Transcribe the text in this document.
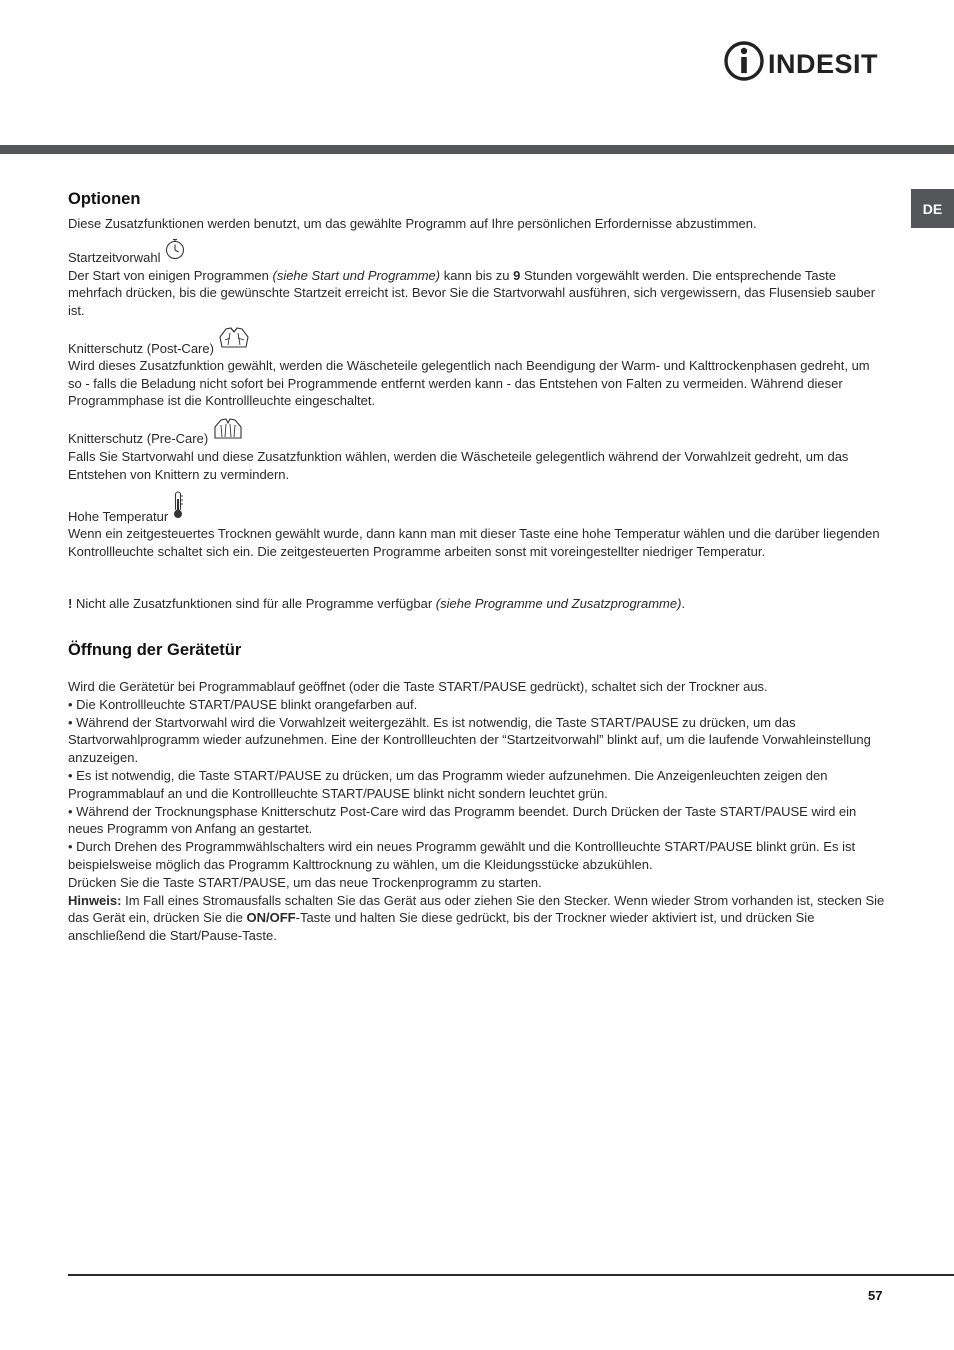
INDESIT
DE
Optionen

Diese Zusatzfunktionen werden benutzt, um das gewählte Programm auf Ihre persönlichen Erfordernisse abzustimmen.

Startzeitvorwahl

Der Start von einigen Programmen (siehe Start und Programme) kann bis zu 9 Stunden vorgewählt werden. Die entsprechende Taste mehrfach drücken, bis die gewünschte Startzeit erreicht ist. Bevor Sie die Startvorwahl ausführen, sich vergewissern, das Flusensieb sauber ist.

Knitterschutz (Post-Care)

Wird dieses Zusatzfunktion gewählt, werden die Wäscheteile gelegentlich nach Beendigung der Warm- und Kalttrockenphasen gedreht, um so - falls die Beladung nicht sofort bei Programmende entfernt werden kann - das Entstehen von Falten zu vermeiden. Während dieser Programmphase ist die Kontrollleuchte eingeschaltet.

Knitterschutz (Pre-Care)

Falls Sie Startvorwahl und diese Zusatzfunktion wählen, werden die Wäscheteile gelegentlich während der Vorwahlzeit gedreht, um das Entstehen von Knittern zu vermindern.

Hohe Temperatur

Wenn ein zeitgesteuertes Trocknen gewählt wurde, dann kann man mit dieser Taste eine hohe Temperatur wählen und die darüber liegenden Kontrollleuchte schaltet sich ein. Die zeitgesteuerten Programme arbeiten sonst mit voreingestellter niedriger Temperatur.

! Nicht alle Zusatzfunktionen sind für alle Programme verfügbar (siehe Programme und Zusatzprogramme).

Öffnung der Gerätetür

Wird die Gerätetür bei Programmablauf geöffnet (oder die Taste START/PAUSE gedrückt), schaltet sich der Trockner aus.

• Die Kontrollleuchte START/PAUSE blinkt orangefarben auf.

• Während der Startvorwahl wird die Vorwahlzeit weitergezählt. Es ist notwendig, die Taste START/PAUSE zu drücken, um das Startvorwahlprogramm wieder aufzunehmen. Eine der Kontrollleuchten der “Startzeitvorwahl” blinkt auf, um die laufende Vorwahleinstellung anzuzeigen.

• Es ist notwendig, die Taste START/PAUSE zu drücken, um das Programm wieder aufzunehmen. Die Anzeigenleuchten zeigen den Programmablauf an und die Kontrollleuchte START/PAUSE blinkt nicht sondern leuchtet grün.

• Während der Trocknungsphase Knitterschutz Post-Care wird das Programm beendet. Durch Drücken der Taste START/PAUSE wird ein neues Programm von Anfang an gestartet.

• Durch Drehen des Programmwählschalters wird ein neues Programm gewählt und die Kontrollleuchte START/PAUSE blinkt grün. Es ist beispielsweise möglich das Programm Kalttrocknung zu wählen, um die Kleidungsstücke abzukühlen.

Drücken Sie die Taste START/PAUSE, um das neue Trockenprogramm zu starten.

Hinweis: Im Fall eines Stromausfalls schalten Sie das Gerät aus oder ziehen Sie den Stecker. Wenn wieder Strom vorhanden ist, stecken Sie das Gerät ein, drücken Sie die ON/OFF-Taste und halten Sie diese gedrückt, bis der Trockner wieder aktiviert ist, und drücken Sie anschließend die Start/Pause-Taste.

57
